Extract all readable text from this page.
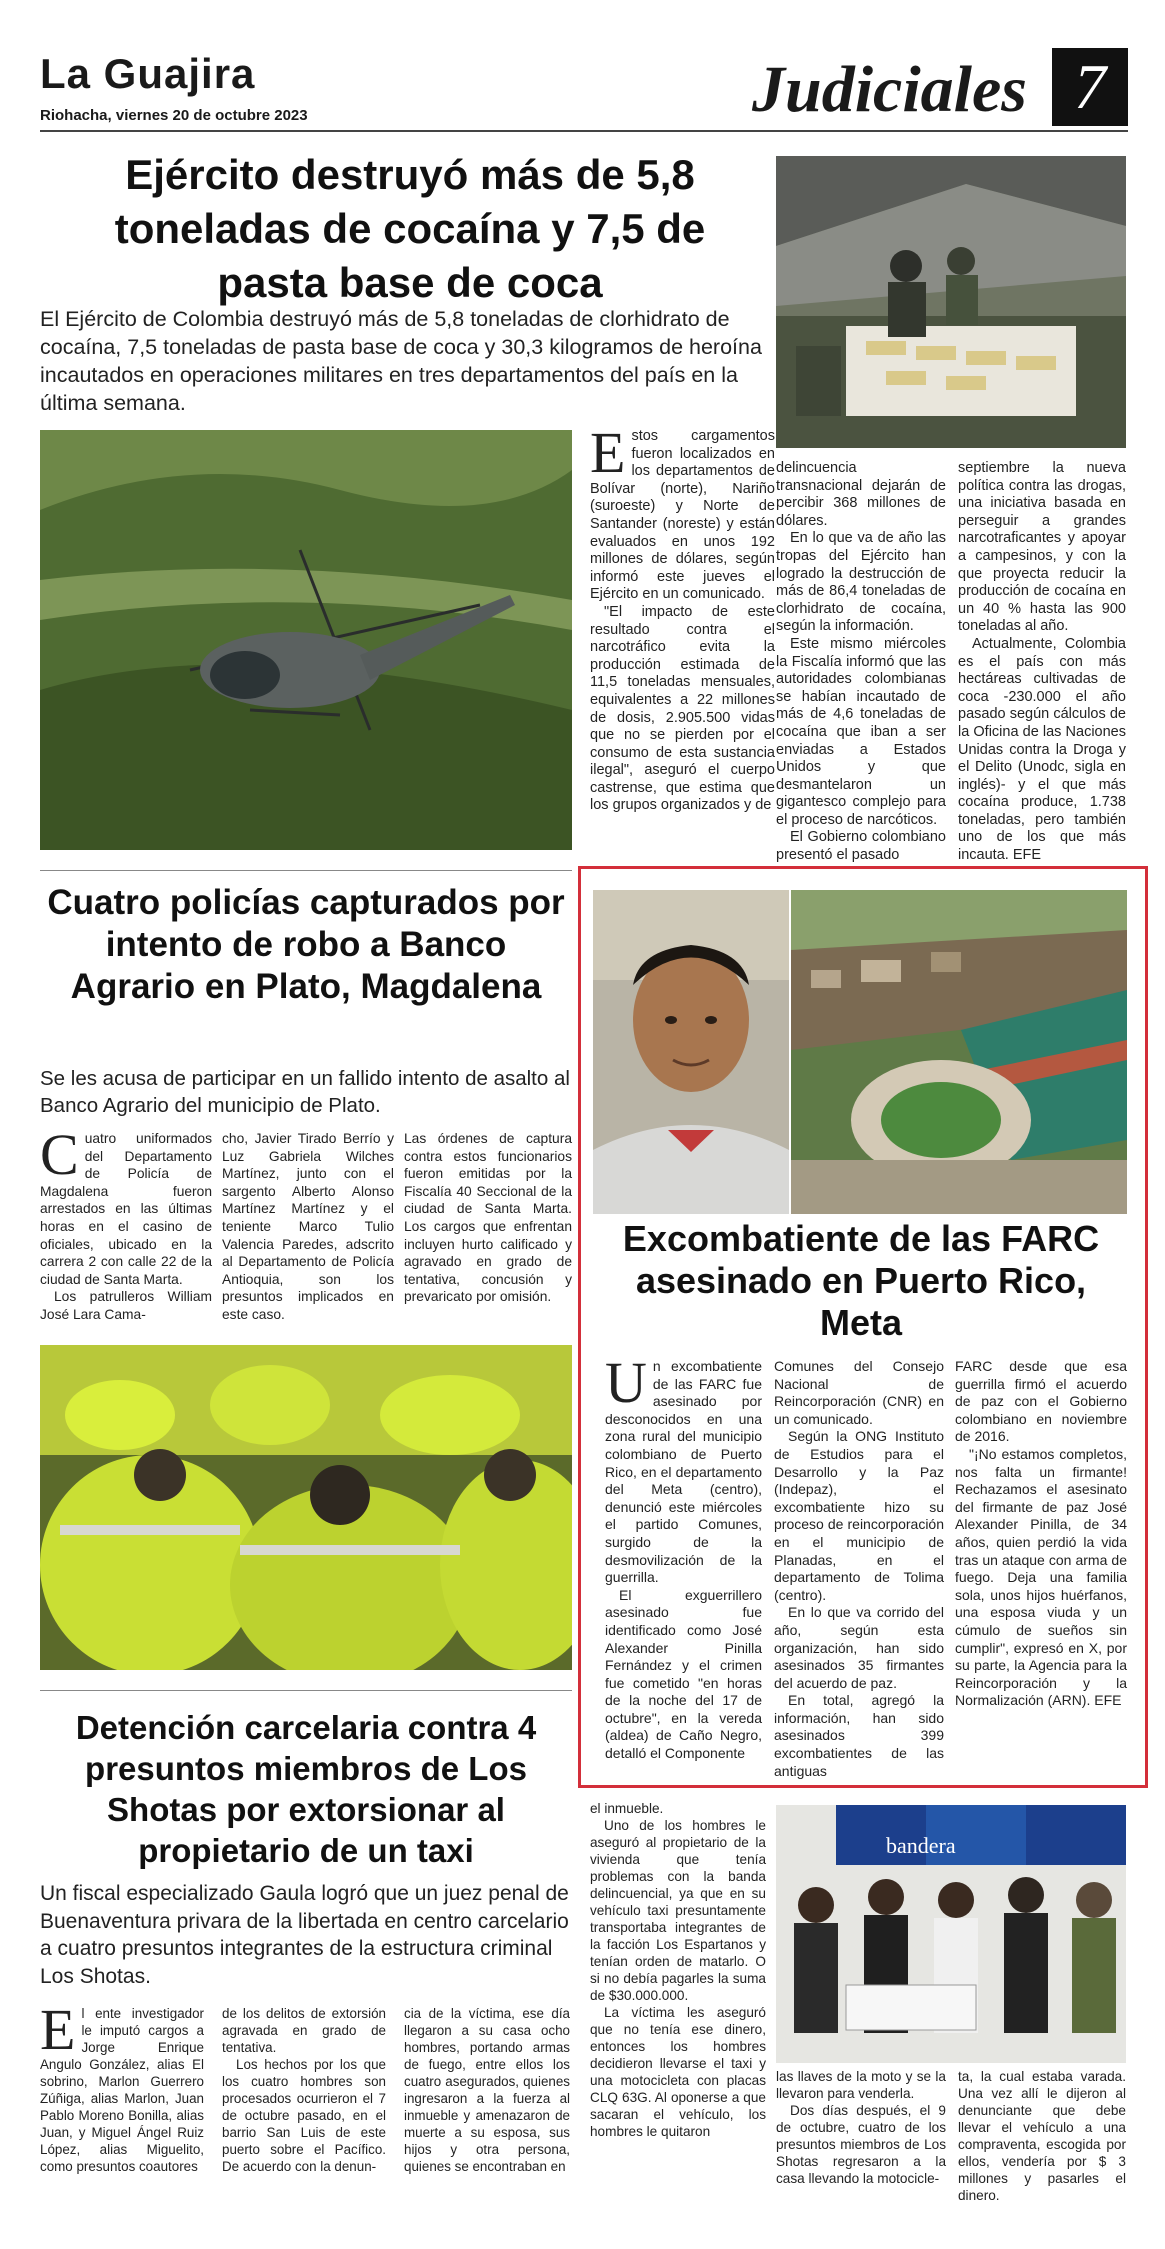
La Guajira
Riohacha, viernes 20 de octubre 2023	Judiciales 7
Ejército destruyó más de 5,8 toneladas de cocaína y 7,5 de pasta base de coca
El Ejército de Colombia destruyó más de 5,8 toneladas de clorhidrato de cocaína, 7,5 toneladas de pasta base de coca y 30,3 kilogramos de heroína incautados en operaciones militares en tres departamentos del país en la última semana.
E stos cargamentos fueron localizados en los departamentos de Bolívar (norte), Nariño (suroeste) y Norte de Santander (noreste) y están evaluados en unos 192 millones de dólares, según informó este jueves el Ejército en un comunicado.

"El impacto de este resultado contra el narcotráfico evita la producción estimada de 11,5 toneladas mensuales, equivalentes a 22 millones de dosis, 2.905.500 vidas que no se pierden por el consumo de esta sustancia ilegal", aseguró el cuerpo castrense, que estima que los grupos organizados y de

delincuencia transnacional dejarán de percibir 368 millones de dólares.

En lo que va de año las tropas del Ejército han logrado la destrucción de más de 86,4 toneladas de clorhidrato de cocaína, según la información.

Este mismo miércoles la Fiscalía informó que las autoridades colombianas se habían incautado de más de 4,6 toneladas de cocaína que iban a ser enviadas a Estados Unidos y que desmantelaron un gigantesco complejo para el proceso de narcóticos.

El Gobierno colombiano presentó el pasado

septiembre la nueva política contra las drogas, una iniciativa basada en perseguir a grandes narcotraficantes y apoyar a campesinos, y con la que proyecta reducir la producción de cocaína en un 40 % hasta las 900 toneladas al año.

Actualmente, Colombia es el país con más hectáreas cultivadas de coca -230.000 el año pasado según cálculos de la Oficina de las Naciones Unidas contra la Droga y el Delito (Unodc, sigla en inglés)- y el que más cocaína produce, 1.738 toneladas, pero también uno de los que más incauta. EFE

Cuatro policías capturados por intento de robo a Banco Agrario en Plato, Magdalena
Se les acusa de participar en un fallido intento de asalto al Banco Agrario del municipio de Plato.
C uatro uniformados del Departamento de Policía de Magdalena fueron arrestados en las últimas horas en el casino de oficiales, ubicado en la carrera 2 con calle 22 de la ciudad de Santa Marta.

Los patrulleros William José Lara Cama-

cho, Javier Tirado Berrío y Luz Gabriela Wilches Martínez, junto con el sargento Alberto Alonso Martínez Martínez y el teniente Marco Tulio Valencia Paredes, adscrito al Departamento de Policía Antioquia, son los presuntos implicados en este caso.

Las órdenes de captura contra estos funcionarios fueron emitidas por la Fiscalía 40 Seccional de la ciudad de Santa Marta. Los cargos que enfrentan incluyen hurto calificado y agravado en grado de tentativa, concusión y prevaricato por omisión.

Excombatiente de las FARC asesinado en Puerto Rico, Meta
U n excombatiente de las FARC fue asesinado por desconocidos en una zona rural del municipio colombiano de Puerto Rico, en el departamento del Meta (centro), denunció este miércoles el partido Comunes, surgido de la desmovilización de la guerrilla.

El exguerrillero asesinado fue identificado como José Alexander Pinilla Fernández y el crimen fue cometido "en horas de la noche del 17 de octubre", en la vereda (aldea) de Caño Negro, detalló el Componente

Comunes del Consejo Nacional de Reincorporación (CNR) en un comunicado.

Según la ONG Instituto de Estudios para el Desarrollo y la Paz (Indepaz), el excombatiente hizo su proceso de reincorporación en el municipio de Planadas, en el departamento de Tolima (centro).

En lo que va corrido del año, según esta organización, han sido asesinados 35 firmantes del acuerdo de paz.

En total, agregó la información, han sido asesinados 399 excombatientes de las antiguas

FARC desde que esa guerrilla firmó el acuerdo de paz con el Gobierno colombiano en noviembre de 2016.

"¡No estamos completos, nos falta un firmante! Rechazamos el asesinato del firmante de paz José Alexander Pinilla, de 34 años, quien perdió la vida tras un ataque con arma de fuego. Deja una familia sola, unos hijos huérfanos, una esposa viuda y un cúmulo de sueños sin cumplir", expresó en X, por su parte, la Agencia para la Reincorporación y la Normalización (ARN). EFE

Detención carcelaria contra 4 presuntos miembros de Los Shotas por extorsionar al propietario de un taxi
Un fiscal especializado Gaula logró que un juez penal de Buenaventura privara de la libertada en centro carcelario a cuatro presuntos integrantes de la estructura criminal Los Shotas.
E l ente investigador le imputó cargos a Jorge Enrique Angulo González, alias El sobrino, Marlon Guerrero Zúñiga, alias Marlon, Juan Pablo Moreno Bonilla, alias Juan, y Miguel Ángel Ruiz López, alias Miguelito, como presuntos coautores

de los delitos de extorsión agravada en grado de tentativa.

Los hechos por los que los cuatro hombres son procesados ocurrieron el 7 de octubre pasado, en el barrio San Luis de este puerto sobre el Pacífico. De acuerdo con la denun-

cia de la víctima, ese día llegaron a su casa ocho hombres, portando armas de fuego, entre ellos los cuatro asegurados, quienes ingresaron a la fuerza al inmueble y amenazaron de muerte a su esposa, sus hijos y otra persona, quienes se encontraban en

el inmueble.

Uno de los hombres le aseguró al propietario de la vivienda que tenía problemas con la banda delincuencial, ya que en su vehículo taxi presuntamente transportaba integrantes de la facción Los Espartanos y tenían orden de matarlo. O si no debía pagarles la suma de $30.000.000.

La víctima les aseguró que no tenía ese dinero, entonces los hombres decidieron llevarse el taxi y una motocicleta con placas CLQ 63G. Al oponerse a que sacaran el vehículo, los hombres le quitaron

bandera

las llaves de la moto y se la llevaron para venderla.

Dos días después, el 9 de octubre, cuatro de los presuntos miembros de Los Shotas regresaron a la casa llevando la motocicle-

ta, la cual estaba varada. Una vez allí le dijeron al denunciante que debe llevar el vehículo a una compraventa, escogida por ellos, vendería por $ 3 millones y pasarles el dinero.
